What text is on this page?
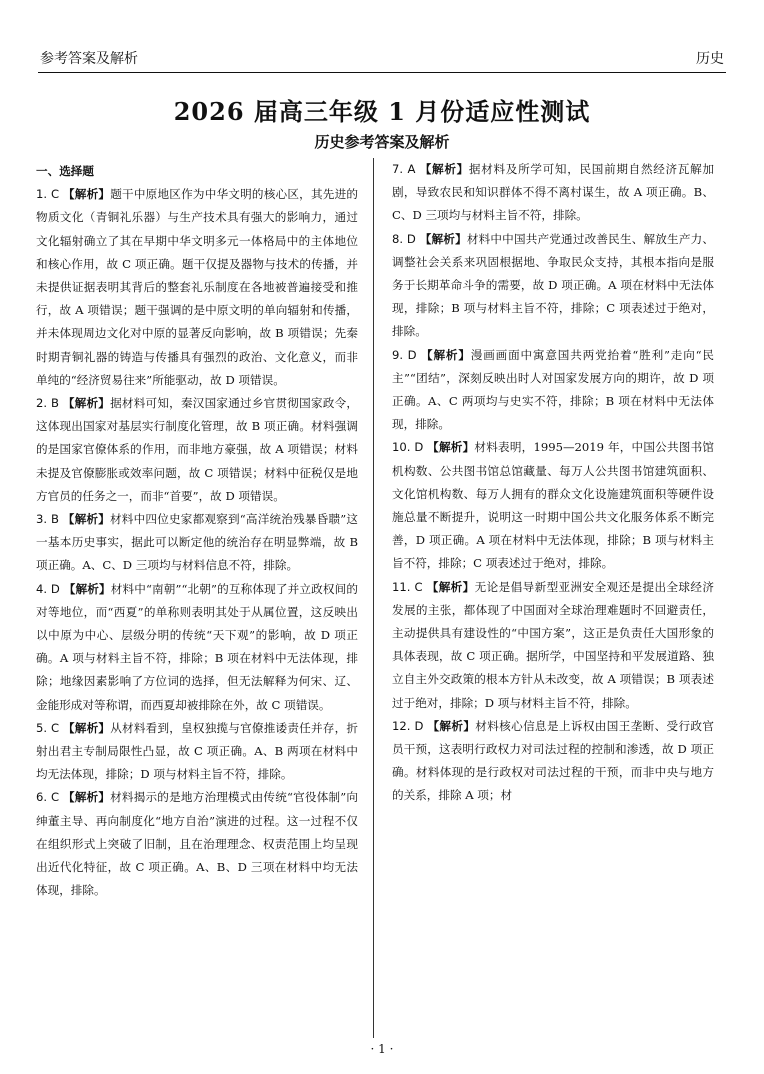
参考答案及解析	历史
2026 届高三年级 1 月份适应性测试
历史参考答案及解析
一、选择题

1. C 【解析】题干中原地区作为中华文明的核心区，其先进的物质文化（青铜礼乐器）与生产技术具有强大的影响力，通过文化辐射确立了其在早期中华文明多元一体格局中的主体地位和核心作用，故 C 项正确。题干仅提及器物与技术的传播，并未提供证据表明其背后的整套礼乐制度在各地被普遍接受和推行，故 A 项错误；题干强调的是中原文明的单向辐射和传播，并未体现周边文化对中原的显著反向影响，故 B 项错误；先秦时期青铜礼器的铸造与传播具有强烈的政治、文化意义，而非单纯的“经济贸易往来”所能驱动，故 D 项错误。

2. B 【解析】据材料可知，秦汉国家通过乡官贯彻国家政令，这体现出国家对基层实行制度化管理，故 B 项正确。材料强调的是国家官僚体系的作用，而非地方豪强，故 A 项错误；材料未提及官僚膨胀或效率问题，故 C 项错误；材料中征税仅是地方官员的任务之一，而非“首要”，故 D 项错误。

3. B 【解析】材料中四位史家都观察到“高洋统治残暴昏聩”这一基本历史事实，据此可以断定他的统治存在明显弊端，故 B 项正确。A、C、D 三项均与材料信息不符，排除。

4. D 【解析】材料中“南朝”“北朝”的互称体现了并立政权间的对等地位，而“西夏”的单称则表明其处于从属位置，这反映出以中原为中心、层级分明的传统“天下观”的影响，故 D 项正确。A 项与材料主旨不符，排除；B 项在材料中无法体现，排除；地缘因素影响了方位词的选择，但无法解释为何宋、辽、金能形成对等称谓，而西夏却被排除在外，故 C 项错误。

5. C 【解析】从材料看到，皇权独揽与官僚推诿责任并存，折射出君主专制局限性凸显，故 C 项正确。A、B 两项在材料中均无法体现，排除；D 项与材料主旨不符，排除。

6. C 【解析】材料揭示的是地方治理模式由传统“官役体制”向绅董主导、再向制度化“地方自治”演进的过程。这一过程不仅在组织形式上突破了旧制，且在治理理念、权责范围上均呈现出近代化特征，故 C 项正确。A、B、D 三项在材料中均无法体现，排除。

7. A 【解析】据材料及所学可知，民国前期自然经济瓦解加剧，导致农民和知识群体不得不离村谋生，故 A 项正确。B、C、D 三项均与材料主旨不符，排除。

8. D 【解析】材料中中国共产党通过改善民生、解放生产力、调整社会关系来巩固根据地、争取民众支持，其根本指向是服务于长期革命斗争的需要，故 D 项正确。A 项在材料中无法体现，排除；B 项与材料主旨不符，排除；C 项表述过于绝对，排除。

9. D 【解析】漫画画面中寓意国共两党抬着“胜利”走向“民主”“团结”，深刻反映出时人对国家发展方向的期许，故 D 项正确。A、C 两项均与史实不符，排除；B 项在材料中无法体现，排除。

10. D 【解析】材料表明，1995—2019 年，中国公共图书馆机构数、公共图书馆总馆藏量、每万人公共图书馆建筑面积、文化馆机构数、每万人拥有的群众文化设施建筑面积等硬件设施总量不断提升，说明这一时期中国公共文化服务体系不断完善，D 项正确。A 项在材料中无法体现，排除；B 项与材料主旨不符，排除；C 项表述过于绝对，排除。

11. C 【解析】无论是倡导新型亚洲安全观还是提出全球经济发展的主张，都体现了中国面对全球治理难题时不回避责任，主动提供具有建设性的“中国方案”，这正是负责任大国形象的具体表现，故 C 项正确。据所学，中国坚持和平发展道路、独立自主外交政策的根本方针从未改变，故 A 项错误；B 项表述过于绝对，排除；D 项与材料主旨不符，排除。

12. D 【解析】材料核心信息是上诉权由国王垄断、受行政官员干预，这表明行政权力对司法过程的控制和渗透，故 D 项正确。材料体现的是行政权对司法过程的干预，而非中央与地方的关系，排除 A 项；材

· 1 ·
